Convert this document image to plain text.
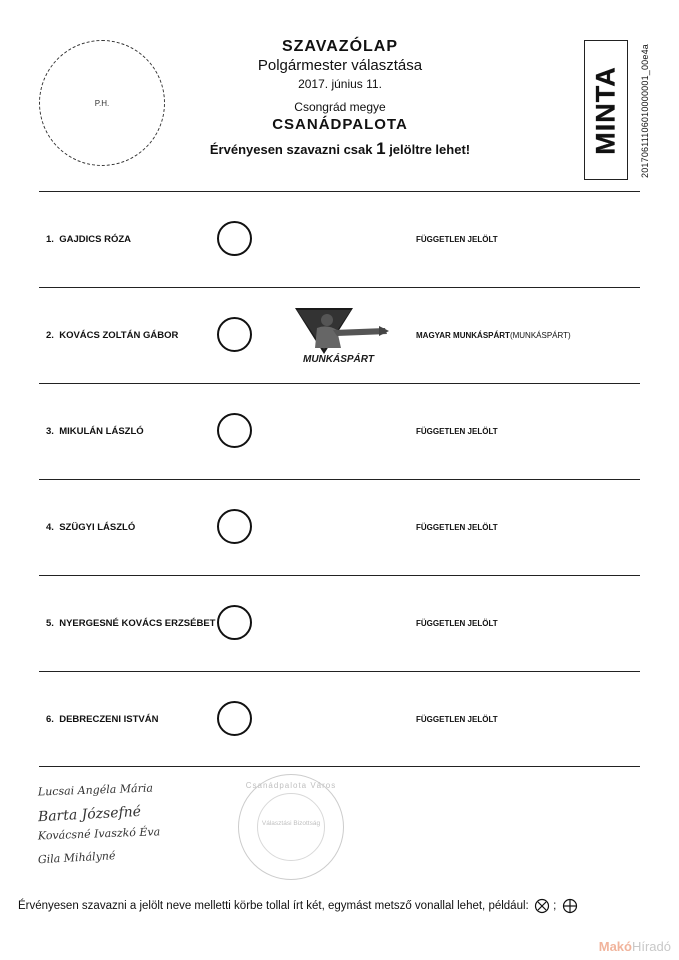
P.H.
SZAVAZÓLAP
Polgármester választása
2017. június 11.
Csongrád megye
CSANÁDPALOTA
Érvényesen szavazni csak 1 jelöltre lehet!	MINTA 20170611106010000001_00e4a
1.
GAJDICS RÓZA	FÜGGETLEN JELÖLT
2.
KOVÁCS ZOLTÁN GÁBOR
MUNKÁSPÁRT
MAGYAR MUNKÁSPÁRT (MUNKÁSPÁRT)
3.
MIKULÁN LÁSZLÓ	FÜGGETLEN JELÖLT
4.
SZÜGYI LÁSZLÓ	FÜGGETLEN JELÖLT
5.
NYERGESNÉ KOVÁCS ERZSÉBET	FÜGGETLEN JELÖLT
6.
DEBRECZENI ISTVÁN	FÜGGETLEN JELÖLT
Lucsai Angéla Mária
Barta Józsefné
Kovácsné Ivaszkó Éva
Gila Mihályné
Csanádpalota Város
Választási Bizottság
Érvényesen szavazni a jelölt neve melletti körbe tollal írt két, egymást metsző vonallal lehet, például: ;
MakóHíradó
